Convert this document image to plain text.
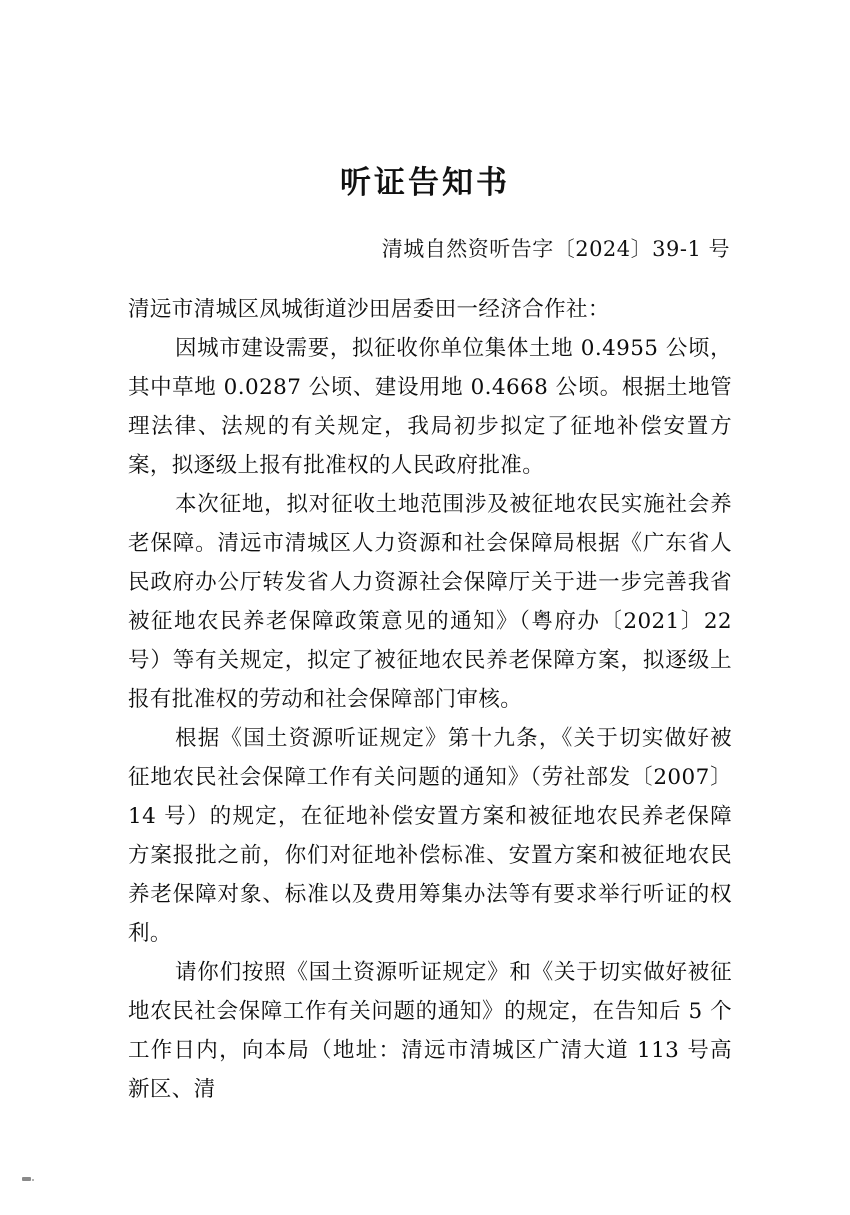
听证告知书
清城自然资听告字〔2024〕39-1 号

清远市清城区凤城街道沙田居委田一经济合作社：

因城市建设需要，拟征收你单位集体土地 0.4955 公顷，其中草地 0.0287 公顷、建设用地 0.4668 公顷。根据土地管理法律、法规的有关规定，我局初步拟定了征地补偿安置方案，拟逐级上报有批准权的人民政府批准。

本次征地，拟对征收土地范围涉及被征地农民实施社会养老保障。清远市清城区人力资源和社会保障局根据《广东省人民政府办公厅转发省人力资源社会保障厅关于进一步完善我省被征地农民养老保障政策意见的通知》（粤府办〔2021〕22 号）等有关规定，拟定了被征地农民养老保障方案，拟逐级上报有批准权的劳动和社会保障部门审核。

根据《国土资源听证规定》第十九条，《关于切实做好被征地农民社会保障工作有关问题的通知》（劳社部发〔2007〕14 号）的规定，在征地补偿安置方案和被征地农民养老保障方案报批之前，你们对征地补偿标准、安置方案和被征地农民养老保障对象、标准以及费用筹集办法等有要求举行听证的权利。

请你们按照《国土资源听证规定》和《关于切实做好被征地农民社会保障工作有关问题的通知》的规定，在告知后 5 个工作日内，向本局（地址：清远市清城区广清大道 113 号高新区、清
